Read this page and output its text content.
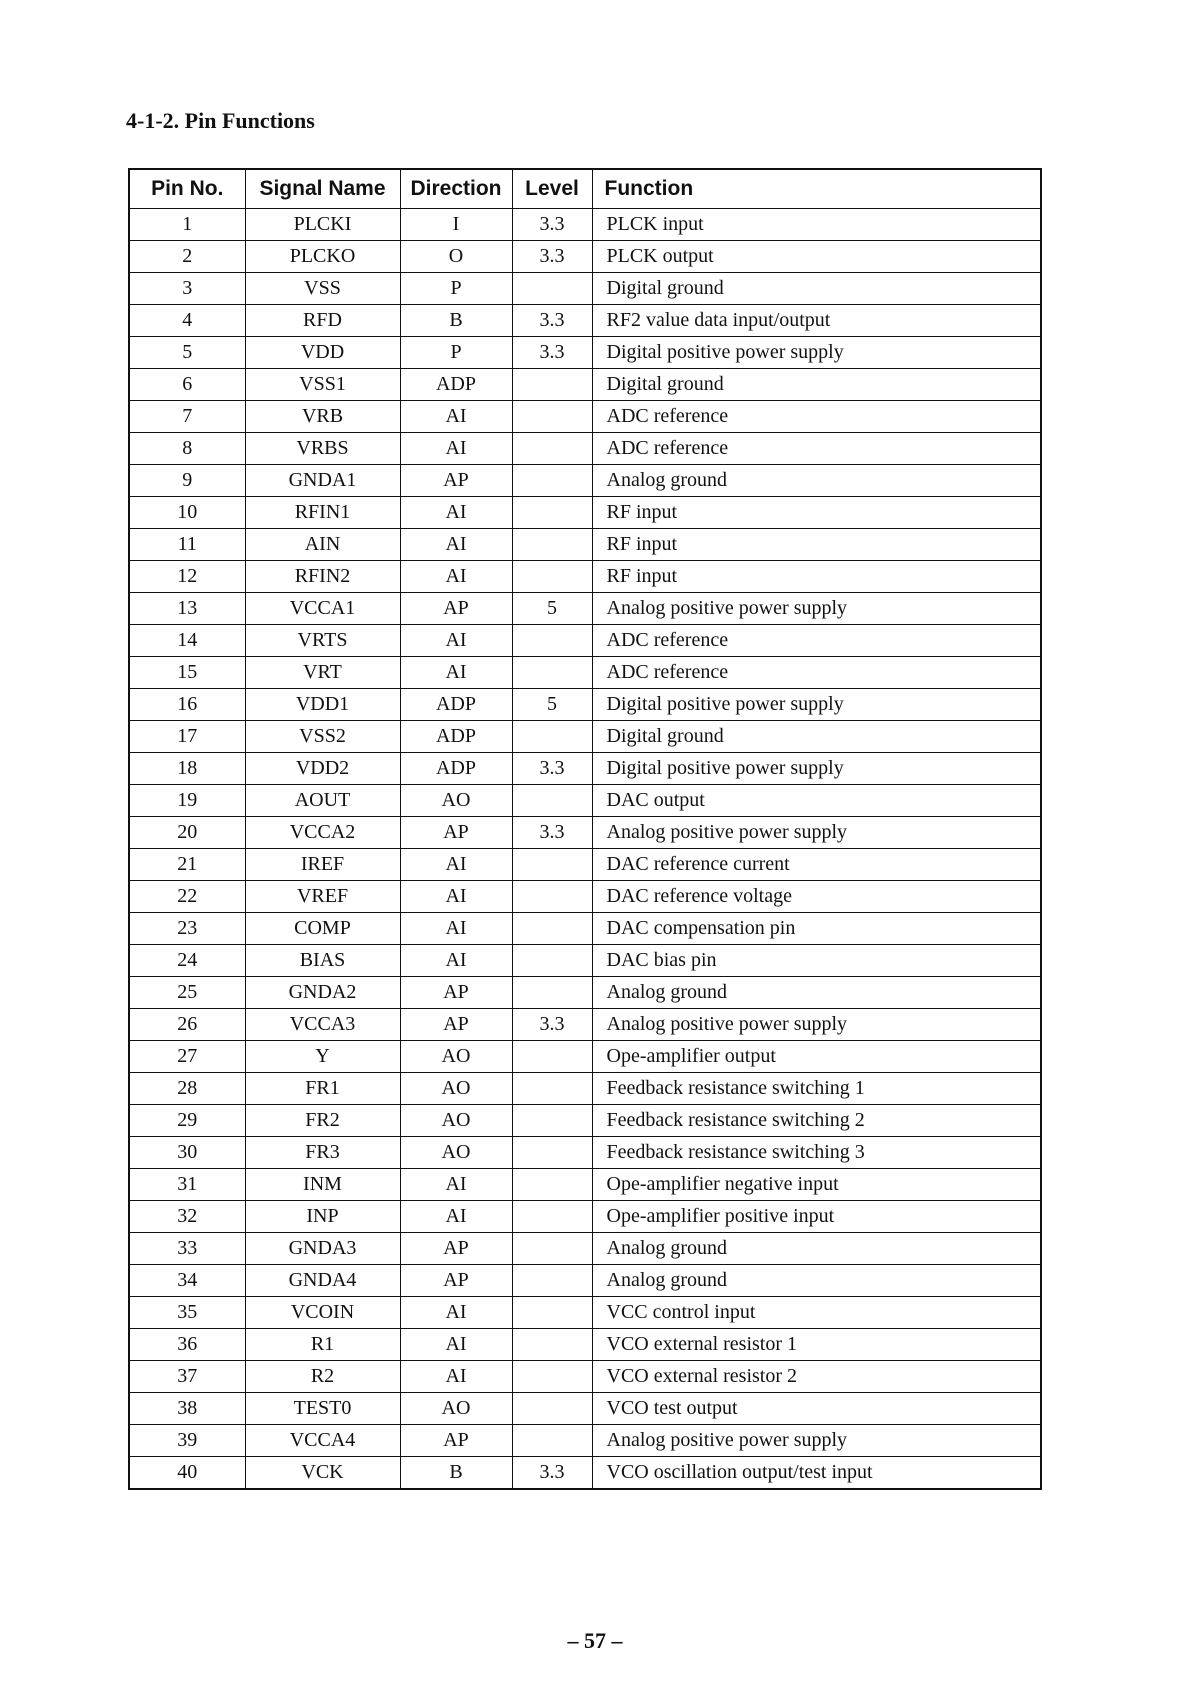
4-1-2. Pin Functions
Pin No.	Signal Name	Direction	Level	Function
1	PLCKI	I	3.3	PLCK input
2	PLCKO	O	3.3	PLCK output
3	VSS	P		Digital ground
4	RFD	B	3.3	RF2 value data input/output
5	VDD	P	3.3	Digital positive power supply
6	VSS1	ADP		Digital ground
7	VRB	AI		ADC reference
8	VRBS	AI		ADC reference
9	GNDA1	AP		Analog ground
10	RFIN1	AI		RF input
11	AIN	AI		RF input
12	RFIN2	AI		RF input
13	VCCA1	AP	5	Analog positive power supply
14	VRTS	AI		ADC reference
15	VRT	AI		ADC reference
16	VDD1	ADP	5	Digital positive power supply
17	VSS2	ADP		Digital ground
18	VDD2	ADP	3.3	Digital positive power supply
19	AOUT	AO		DAC output
20	VCCA2	AP	3.3	Analog positive power supply
21	IREF	AI		DAC reference current
22	VREF	AI		DAC reference voltage
23	COMP	AI		DAC compensation pin
24	BIAS	AI		DAC bias pin
25	GNDA2	AP		Analog ground
26	VCCA3	AP	3.3	Analog positive power supply
27	Y	AO		Ope-amplifier output
28	FR1	AO		Feedback resistance switching 1
29	FR2	AO		Feedback resistance switching 2
30	FR3	AO		Feedback resistance switching 3
31	INM	AI		Ope-amplifier negative input
32	INP	AI		Ope-amplifier positive input
33	GNDA3	AP		Analog ground
34	GNDA4	AP		Analog ground
35	VCOIN	AI		VCC control input
36	R1	AI		VCO external resistor 1
37	R2	AI		VCO external resistor 2
38	TEST0	AO		VCO test output
39	VCCA4	AP		Analog positive power supply
40	VCK	B	3.3	VCO oscillation output/test input
– 57 –
